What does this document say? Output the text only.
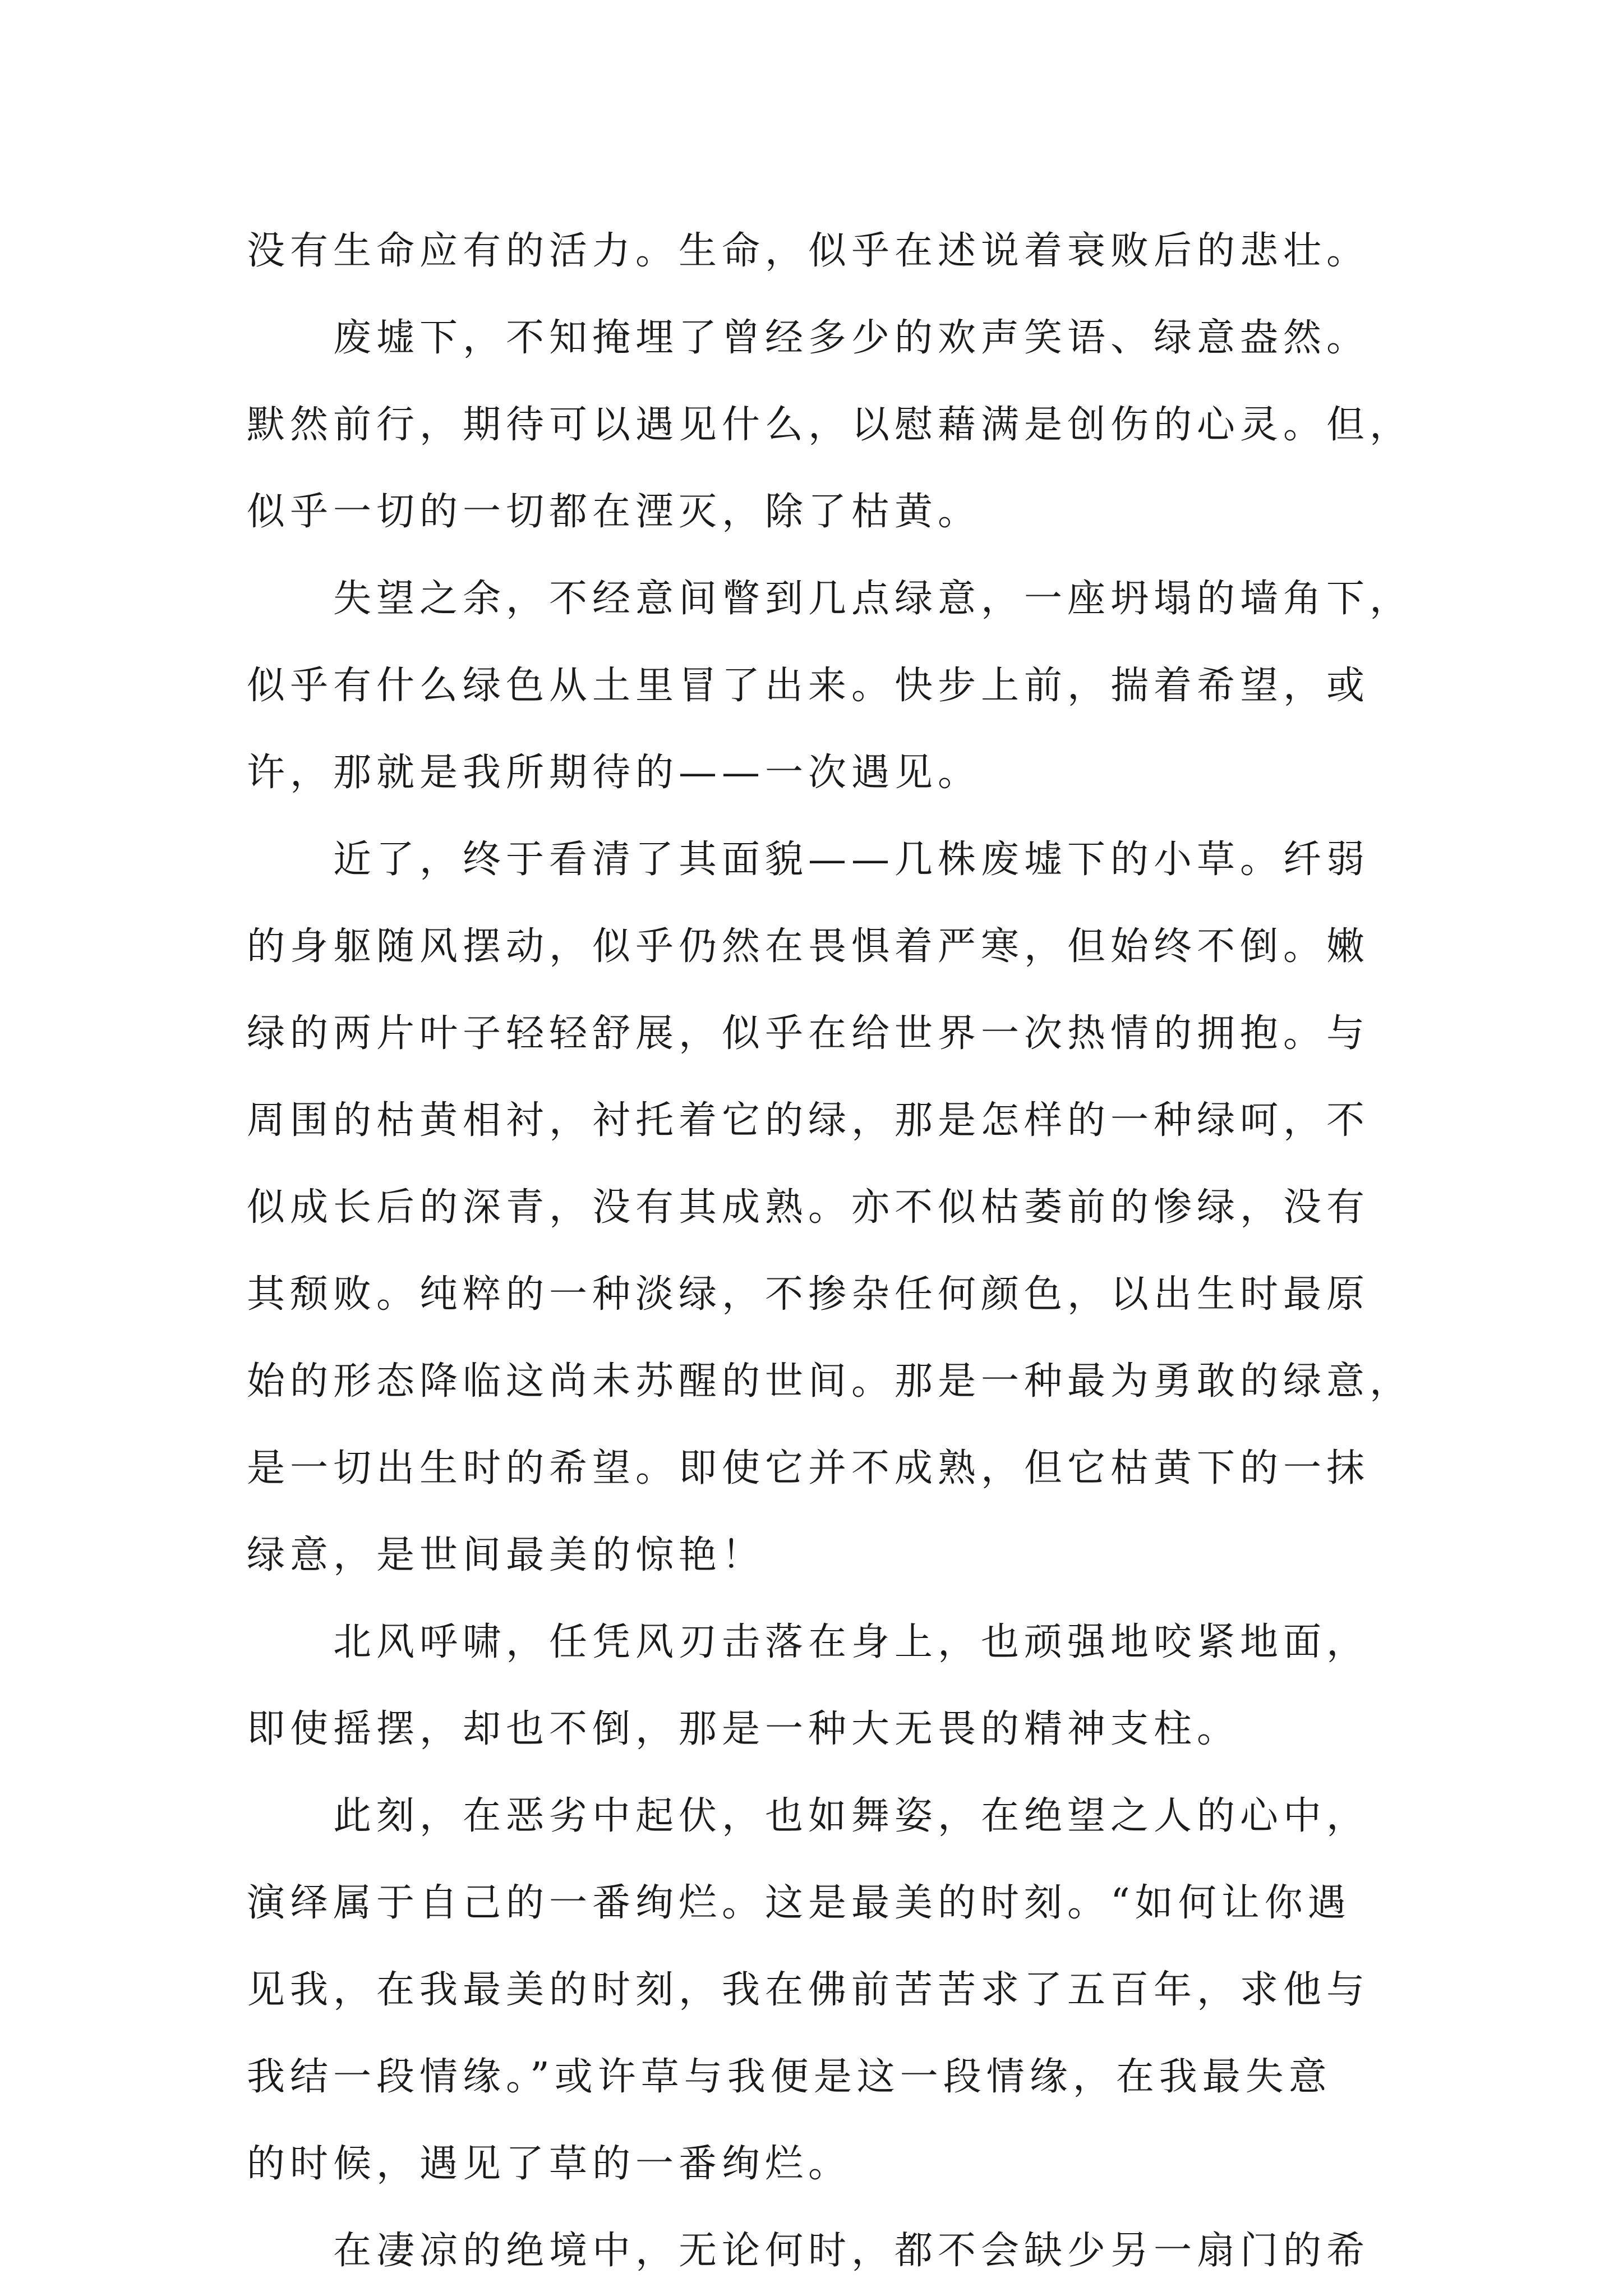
没有生命应有的活力。生命，似乎在述说着衰败后的悲壮。
废墟下，不知掩埋了曾经多少的欢声笑语、绿意盎然。
默然前行，期待可以遇见什么，以慰藉满是创伤的心灵。但，
似乎一切的一切都在湮灭，除了枯黄。
失望之余，不经意间瞥到几点绿意，一座坍塌的墙角下，
似乎有什么绿色从土里冒了出来。快步上前，揣着希望，或
许，那就是我所期待的——一次遇见。
近了，终于看清了其面貌——几株废墟下的小草。纤弱
的身躯随风摆动，似乎仍然在畏惧着严寒，但始终不倒。嫩
绿的两片叶子轻轻舒展，似乎在给世界一次热情的拥抱。与
周围的枯黄相衬，衬托着它的绿，那是怎样的一种绿呵，不
似成长后的深青，没有其成熟。亦不似枯萎前的惨绿，没有
其颓败。纯粹的一种淡绿，不掺杂任何颜色，以出生时最原
始的形态降临这尚未苏醒的世间。那是一种最为勇敢的绿意，
是一切出生时的希望。即使它并不成熟，但它枯黄下的一抹
绿意，是世间最美的惊艳！
北风呼啸，任凭风刃击落在身上，也顽强地咬紧地面，
即使摇摆，却也不倒，那是一种大无畏的精神支柱。
此刻，在恶劣中起伏，也如舞姿，在绝望之人的心中，
演绎属于自己的一番绚烂。这是最美的时刻。“如何让你遇
见我，在我最美的时刻，我在佛前苦苦求了五百年，求他与
我结一段情缘。”或许草与我便是这一段情缘，在我最失意
的时候，遇见了草的一番绚烂。
在凄凉的绝境中，无论何时，都不会缺少另一扇门的希
